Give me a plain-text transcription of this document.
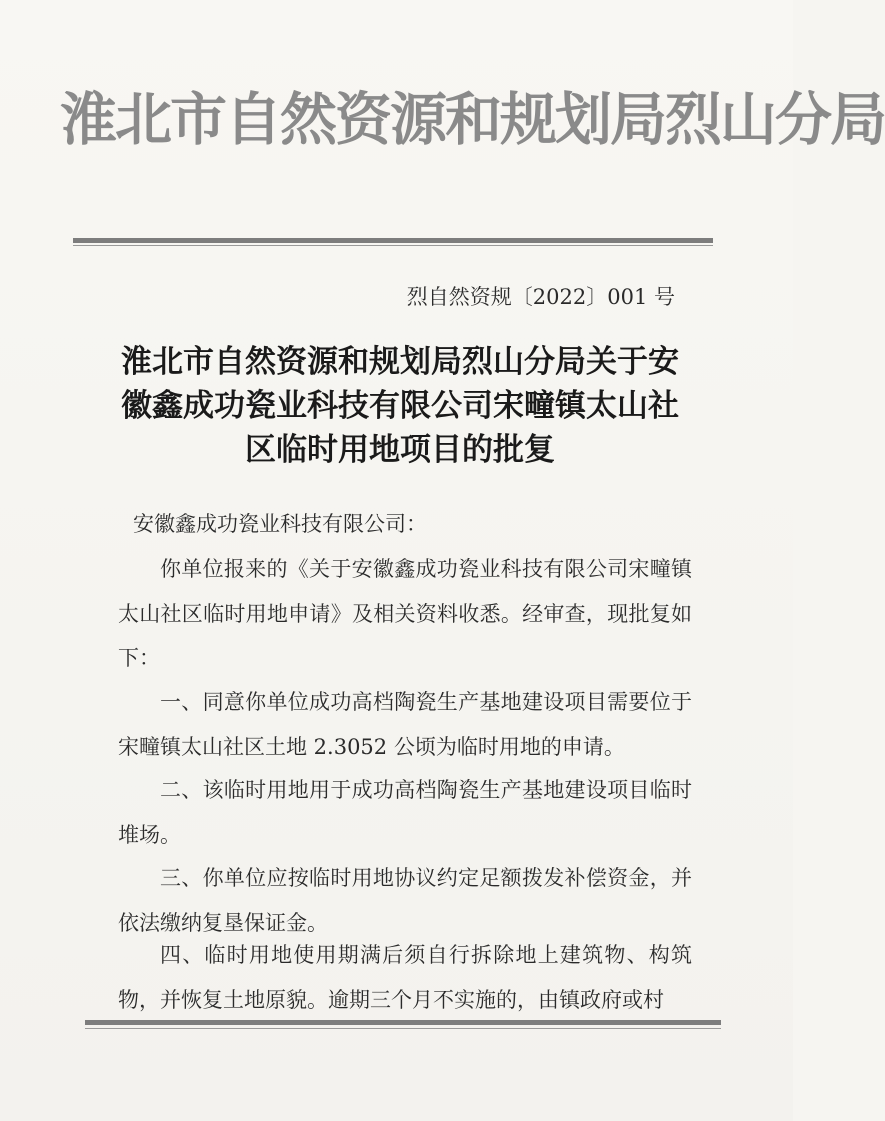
淮北市自然资源和规划局烈山分局
烈自然资规〔2022〕001 号
淮北市自然资源和规划局烈山分局关于安
徽鑫成功瓷业科技有限公司宋疃镇太山社
区临时用地项目的批复
安徽鑫成功瓷业科技有限公司：

你单位报来的《关于安徽鑫成功瓷业科技有限公司宋疃镇太山社区临时用地申请》及相关资料收悉。经审查，现批复如下：

一、同意你单位成功高档陶瓷生产基地建设项目需要位于宋疃镇太山社区土地 2.3052 公顷为临时用地的申请。

二、该临时用地用于成功高档陶瓷生产基地建设项目临时堆场。

三、你单位应按临时用地协议约定足额拨发补偿资金，并依法缴纳复垦保证金。

四、临时用地使用期满后须自行拆除地上建筑物、构筑物，并恢复土地原貌。逾期三个月不实施的，由镇政府或村
